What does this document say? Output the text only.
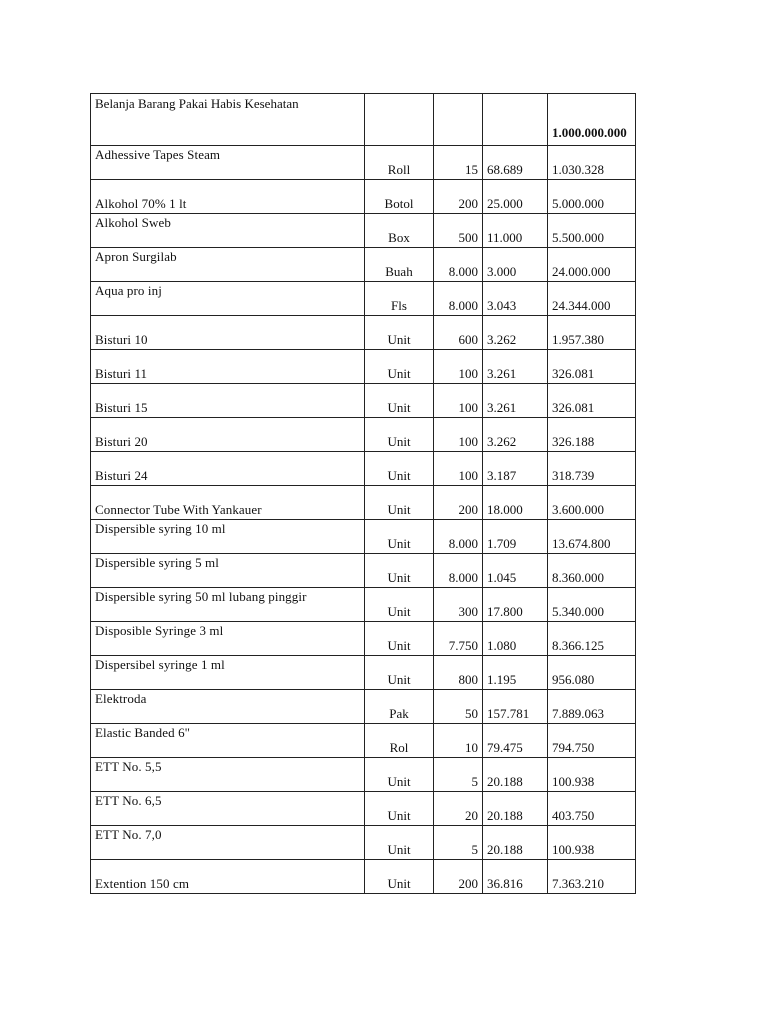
Belanja Barang Pakai Habis Kesehatan				1.000.000.000
Adhessive Tapes Steam	Roll	15	68.689	1.030.328
Alkohol 70% 1 lt	Botol	200	25.000	5.000.000
Alkohol Sweb	Box	500	11.000	5.500.000
Apron Surgilab	Buah	8.000	3.000	24.000.000
Aqua pro inj	Fls	8.000	3.043	24.344.000
Bisturi 10	Unit	600	3.262	1.957.380
Bisturi 11	Unit	100	3.261	326.081
Bisturi 15	Unit	100	3.261	326.081
Bisturi 20	Unit	100	3.262	326.188
Bisturi 24	Unit	100	3.187	318.739
Connector Tube With Yankauer	Unit	200	18.000	3.600.000
Dispersible syring 10 ml	Unit	8.000	1.709	13.674.800
Dispersible syring 5 ml	Unit	8.000	1.045	8.360.000
Dispersible syring 50 ml lubang pinggir	Unit	300	17.800	5.340.000
Disposible Syringe 3 ml	Unit	7.750	1.080	8.366.125
Dispersibel syringe 1 ml	Unit	800	1.195	956.080
Elektroda	Pak	50	157.781	7.889.063
Elastic Banded 6"	Rol	10	79.475	794.750
ETT No. 5,5	Unit	5	20.188	100.938
ETT No. 6,5	Unit	20	20.188	403.750
ETT No. 7,0	Unit	5	20.188	100.938
Extention 150 cm	Unit	200	36.816	7.363.210
